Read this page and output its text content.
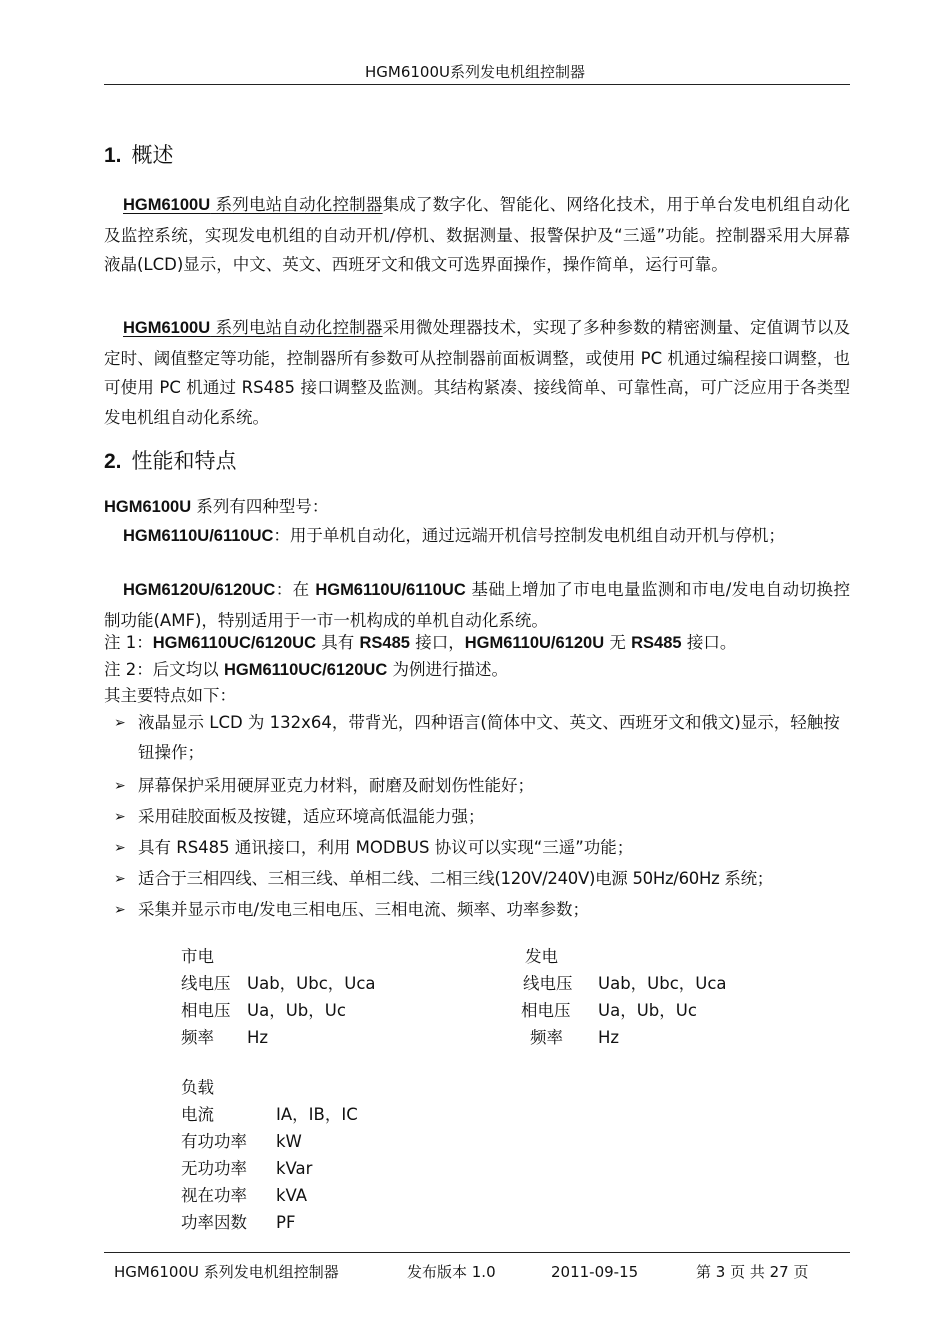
HGM6100U系列发电机组控制器
1. 概述
HGM6100U 系列电站自动化控制器集成了数字化、智能化、网络化技术，用于单台发电机组自动化及监控系统，实现发电机组的自动开机/停机、数据测量、报警保护及“三遥”功能。控制器采用大屏幕液晶(LCD)显示，中文、英文、西班牙文和俄文可选界面操作，操作简单，运行可靠。
HGM6100U 系列电站自动化控制器采用微处理器技术，实现了多种参数的精密测量、定值调节以及定时、阈值整定等功能，控制器所有参数可从控制器前面板调整，或使用 PC 机通过编程接口调整，也可使用 PC 机通过 RS485 接口调整及监测。其结构紧凑、接线简单、可靠性高，可广泛应用于各类型发电机组自动化系统。
2. 性能和特点
HGM6100U 系列有四种型号：
HGM6110U/6110UC：用于单机自动化，通过远端开机信号控制发电机组自动开机与停机；
HGM6120U/6120UC：在 HGM6110U/6110UC 基础上增加了市电电量监测和市电/发电自动切换控制功能(AMF)，特别适用于一市一机构成的单机自动化系统。
注 1：HGM6110UC/6120UC 具有 RS485 接口，HGM6110U/6120U 无 RS485 接口。
注 2：后文均以 HGM6110UC/6120UC 为例进行描述。
其主要特点如下：
➢ 液晶显示 LCD 为 132x64，带背光，四种语言(简体中文、英文、西班牙文和俄文)显示，轻触按钮操作；
➢ 屏幕保护采用硬屏亚克力材料，耐磨及耐划伤性能好；
➢ 采用硅胶面板及按键，适应环境高低温能力强；
➢ 具有 RS485 通讯接口，利用 MODBUS 协议可以实现“三遥”功能；
➢ 适合于三相四线、三相三线、单相二线、二相三线(120V/240V)电源 50Hz/60Hz 系统；
➢ 采集并显示市电/发电三相电压、三相电流、频率、功率参数；
市电
线电压 Uab，Ubc，Uca
相电压 Ua，Ub，Uc
频率 Hz
发电
线电压 Uab，Ubc，Uca
相电压 Ua，Ub，Uc
频率 Hz
负载
电流	IA，IB，IC
有功功率 kW
无功功率 kVar
视在功率 kVA
功率因数 PF
HGM6100U 系列发电机组控制器	发布版本 1.0	2011-09-15	第 3 页 共 27 页
